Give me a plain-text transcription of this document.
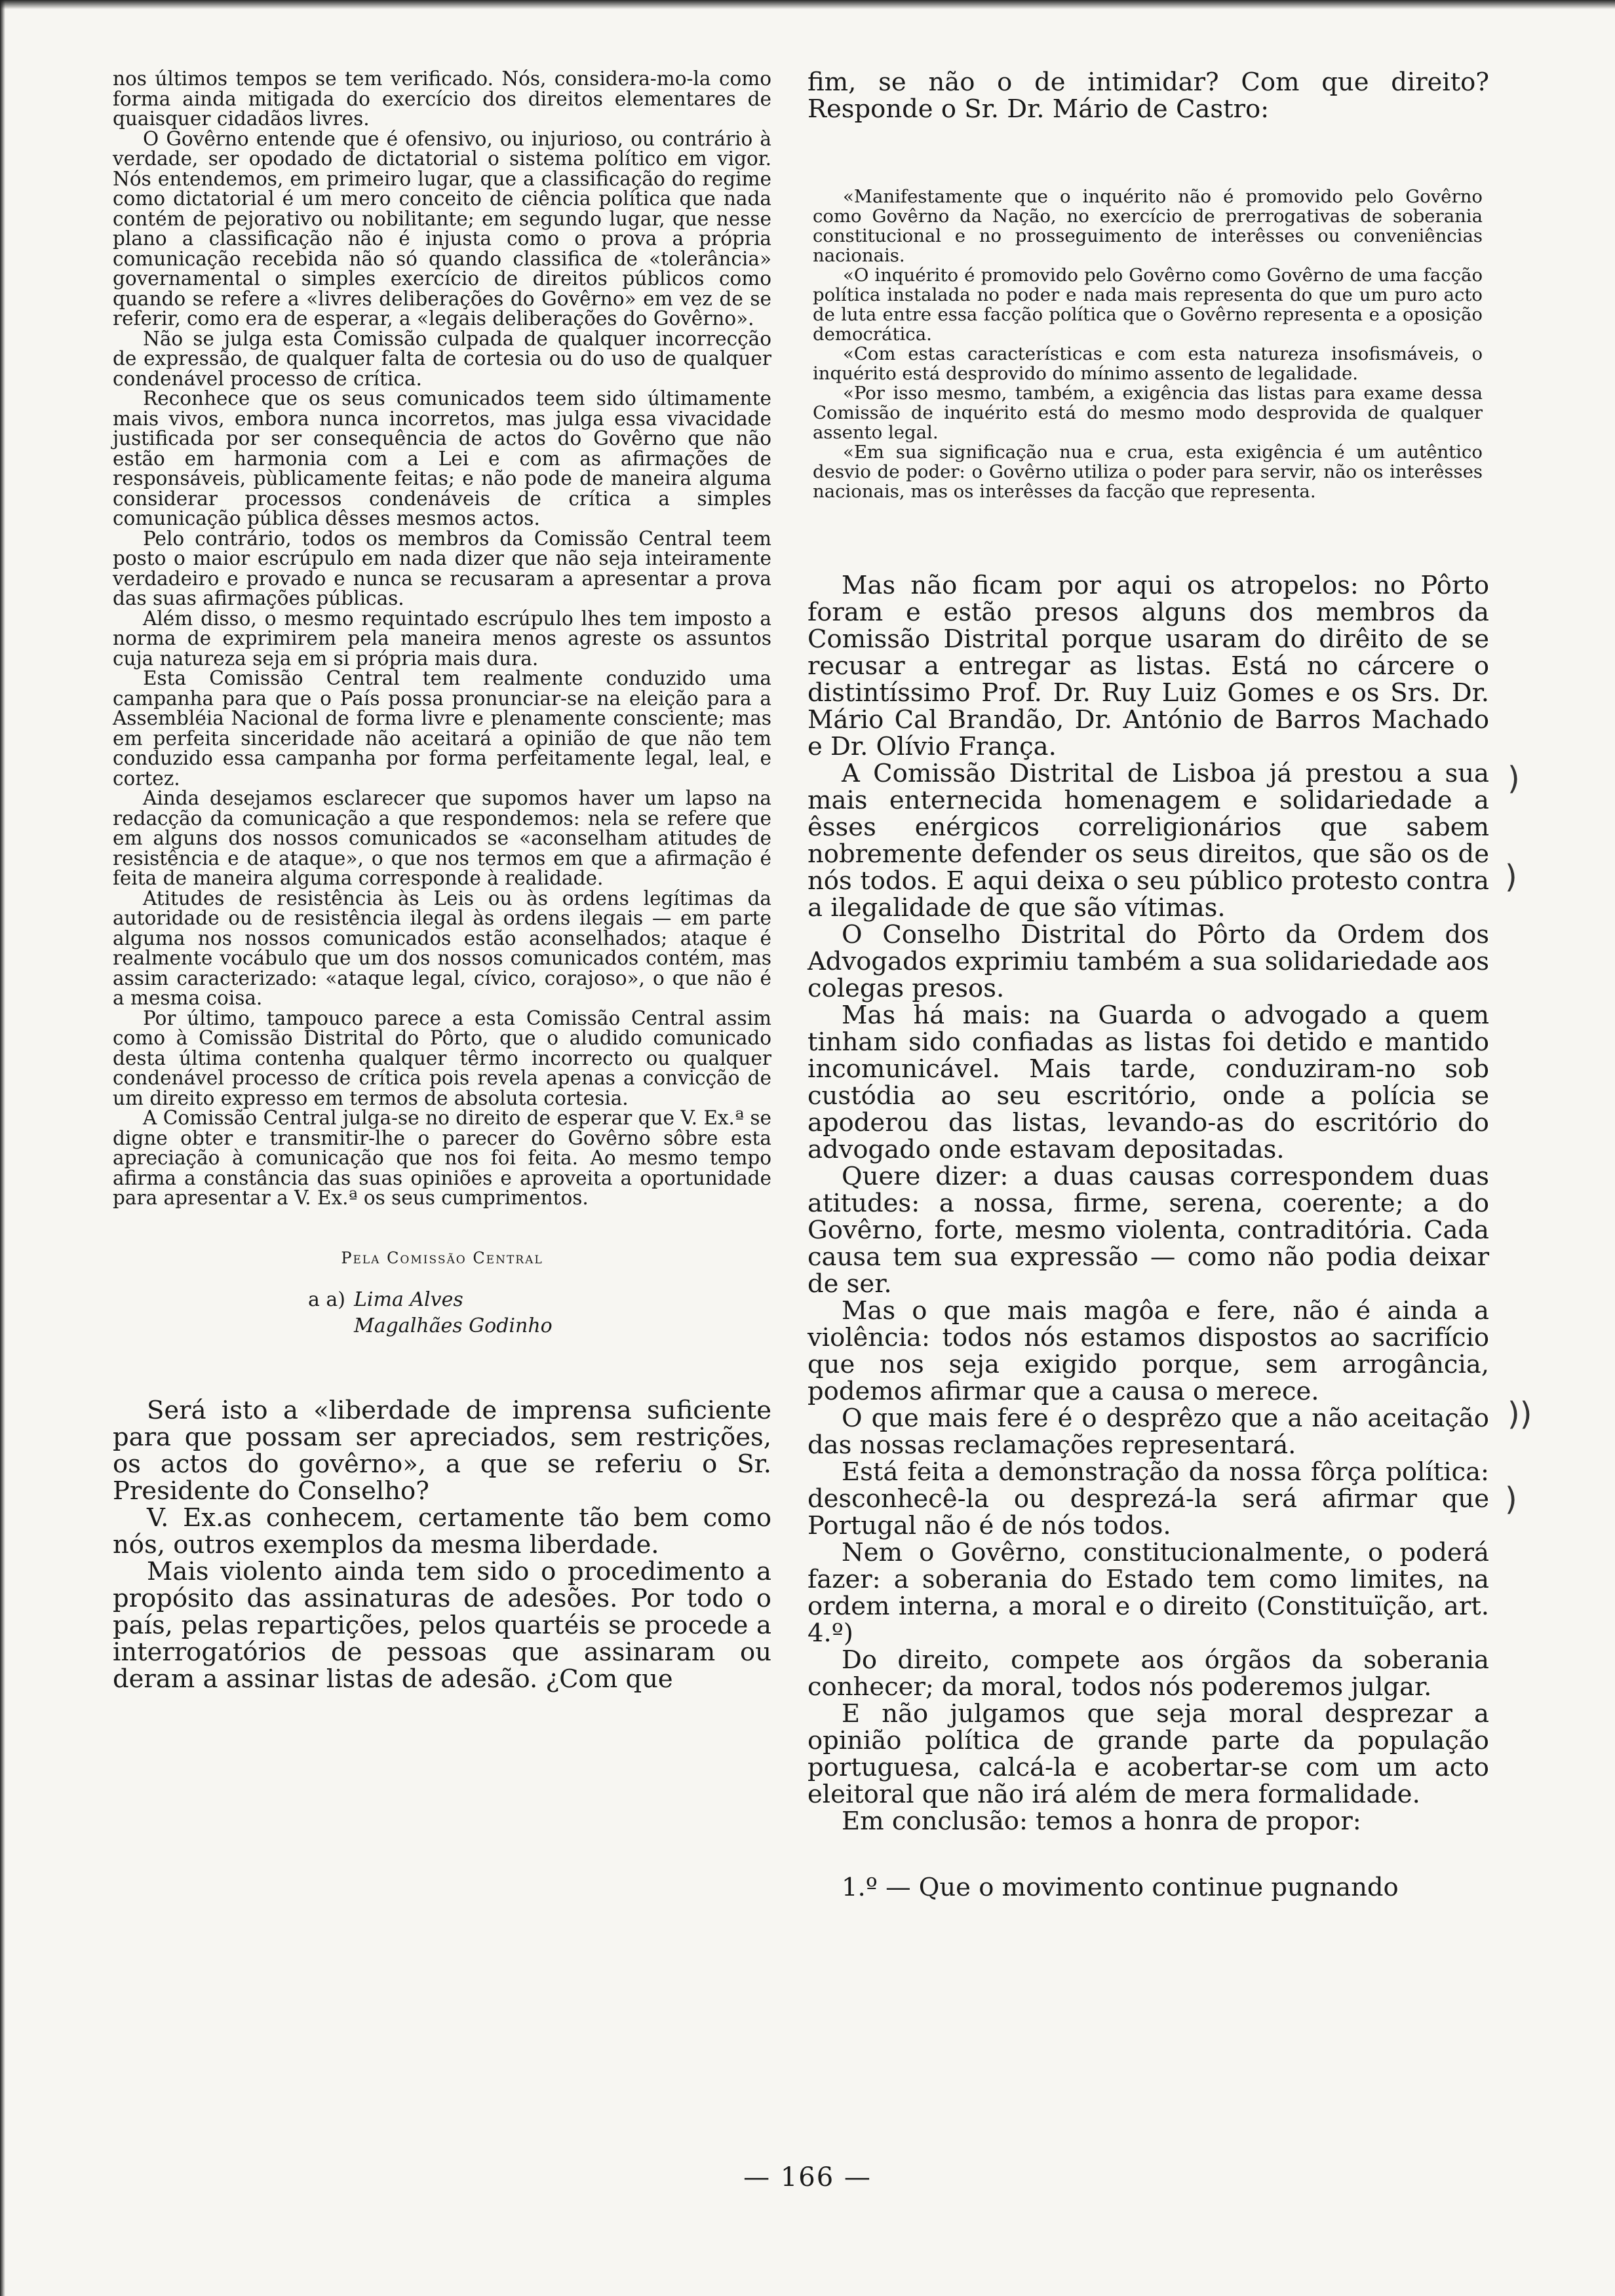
nos últimos tempos se tem verificado. Nós, considera-mo-la como forma ainda mitigada do exercício dos direitos elementares de quaisquer cidadãos livres.

O Govêrno entende que é ofensivo, ou injurioso, ou contrário à verdade, ser opodado de dictatorial o sistema político em vigor. Nós entendemos, em primeiro lugar, que a classificação do regime como dictatorial é um mero conceito de ciência política que nada contém de pejorativo ou nobilitante; em segundo lugar, que nesse plano a classificação não é injusta como o prova a própria comunicação recebida não só quando classifica de «tolerância» governamental o simples exercício de direitos públicos como quando se refere a «livres deliberações do Govêrno» em vez de se referir, como era de esperar, a «legais deliberações do Govêrno».

Não se julga esta Comissão culpada de qualquer incorrecção de expressão, de qualquer falta de cortesia ou do uso de qualquer condenável processo de crítica.

Reconhece que os seus comunicados teem sido últimamente mais vivos, embora nunca incorretos, mas julga essa vivacidade justificada por ser consequência de actos do Govêrno que não estão em harmonia com a Lei e com as afirmações de responsáveis, pùblicamente feitas; e não pode de maneira alguma considerar processos condenáveis de crítica a simples comunicação pública dêsses mesmos actos.

Pelo contrário, todos os membros da Comissão Central teem posto o maior escrúpulo em nada dizer que não seja inteiramente verdadeiro e provado e nunca se recusaram a apresentar a prova das suas afirmações públicas.

Além disso, o mesmo requintado escrúpulo lhes tem imposto a norma de exprimirem pela maneira menos agreste os assuntos cuja natureza seja em si própria mais dura.

Esta Comissão Central tem realmente conduzido uma campanha para que o País possa pronunciar-se na eleição para a Assembléia Nacional de forma livre e plenamente consciente; mas em perfeita sinceridade não aceitará a opinião de que não tem conduzido essa campanha por forma perfeitamente legal, leal, e cortez.

Ainda desejamos esclarecer que supomos haver um lapso na redacção da comunicação a que respondemos: nela se refere que em alguns dos nossos comunicados se «aconselham atitudes de resistência e de ataque», o que nos termos em que a afirmação é feita de maneira alguma corresponde à realidade.

Atitudes de resistência às Leis ou às ordens legítimas da autoridade ou de resistência ilegal às ordens ilegais — em parte alguma nos nossos comunicados estão aconselhados; ataque é realmente vocábulo que um dos nossos comunicados contém, mas assim caracterizado: «ataque legal, cívico, corajoso», o que não é a mesma coisa.

Por último, tampouco parece a esta Comissão Central assim como à Comissão Distrital do Pôrto, que o aludido comunicado desta última contenha qualquer têrmo incorrecto ou qualquer condenável processo de crítica pois revela apenas a convicção de um direito expresso em termos de absoluta cortesia.

A Comissão Central julga-se no direito de esperar que V. Ex.ª se digne obter e transmitir-lhe o parecer do Govêrno sôbre esta apreciação à comunicação que nos foi feita. Ao mesmo tempo afirma a constância das suas opiniões e aproveita a oportunidade para apresentar a V. Ex.ª os seus cumprimentos.

Pela Comissão Central
a a) Lima Alves
Magalhães Godinho

Será isto a «liberdade de imprensa suficiente para que possam ser apreciados, sem restrições, os actos do govêrno», a que se referiu o Sr. Presidente do Conselho?

V. Ex.as conhecem, certamente tão bem como nós, outros exemplos da mesma liberdade.

Mais violento ainda tem sido o procedimento a propósito das assinaturas de adesões. Por todo o país, pelas repartições, pelos quartéis se procede a interrogatórios de pessoas que assinaram ou deram a assinar listas de adesão. ¿Com que

fim, se não o de intimidar? Com que direito? Responde o Sr. Dr. Mário de Castro:

«Manifestamente que o inquérito não é promovido pelo Govêrno como Govêrno da Nação, no exercício de prerrogativas de soberania constitucional e no prosseguimento de interêsses ou conveniências nacionais.

«O inquérito é promovido pelo Govêrno como Govêrno de uma facção política instalada no poder e nada mais representa do que um puro acto de luta entre essa facção política que o Govêrno representa e a oposição democrática.

«Com estas características e com esta natureza insofismáveis, o inquérito está desprovido do mínimo assento de legalidade.

«Por isso mesmo, também, a exigência das listas para exame dessa Comissão de inquérito está do mesmo modo desprovida de qualquer assento legal.

«Em sua significação nua e crua, esta exigência é um autêntico desvio de poder: o Govêrno utiliza o poder para servir, não os interêsses nacionais, mas os interêsses da facção que representa.

Mas não ficam por aqui os atropelos: no Pôrto foram e estão presos alguns dos membros da Comissão Distrital porque usaram do dirêito de se recusar a entregar as listas. Está no cárcere o distintíssimo Prof. Dr. Ruy Luiz Gomes e os Srs. Dr. Mário Cal Brandão, Dr. António de Barros Machado e Dr. Olívio França.

A Comissão Distrital de Lisboa já prestou a sua mais enternecida homenagem e solidariedade a êsses enérgicos correligionários que sabem nobremente defender os seus direitos, que são os de nós todos. E aqui deixa o seu público protesto contra a ilegalidade de que são vítimas.

O Conselho Distrital do Pôrto da Ordem dos Advogados exprimiu também a sua solidariedade aos colegas presos.

Mas há mais: na Guarda o advogado a quem tinham sido confiadas as listas foi detido e mantido incomunicável. Mais tarde, conduziram-no sob custódia ao seu escritório, onde a polícia se apoderou das listas, levando-as do escritório do advogado onde estavam depositadas.

Quere dizer: a duas causas correspondem duas atitudes: a nossa, firme, serena, coerente; a do Govêrno, forte, mesmo violenta, contraditória. Cada causa tem sua expressão — como não podia deixar de ser.

Mas o que mais magôa e fere, não é ainda a violência: todos nós estamos dispostos ao sacrifício que nos seja exigido porque, sem arrogância, podemos afirmar que a causa o merece.

O que mais fere é o desprêzo que a não aceitação das nossas reclamações representará.

Está feita a demonstração da nossa fôrça política: desconhecê-la ou desprezá-la será afirmar que Portugal não é de nós todos.

Nem o Govêrno, constitucionalmente, o poderá fazer: a soberania do Estado tem como limites, na ordem interna, a moral e o direito (Constituïção, art. 4.º)

Do direito, compete aos órgãos da soberania conhecer; da moral, todos nós poderemos julgar.

E não julgamos que seja moral desprezar a opinião política de grande parte da população portuguesa, calcá-la e acobertar-se com um acto eleitoral que não irá além de mera formalidade.

Em conclusão: temos a honra de propor:

1.º — Que o movimento continue pugnando

)
)
))
)
— 166 —
